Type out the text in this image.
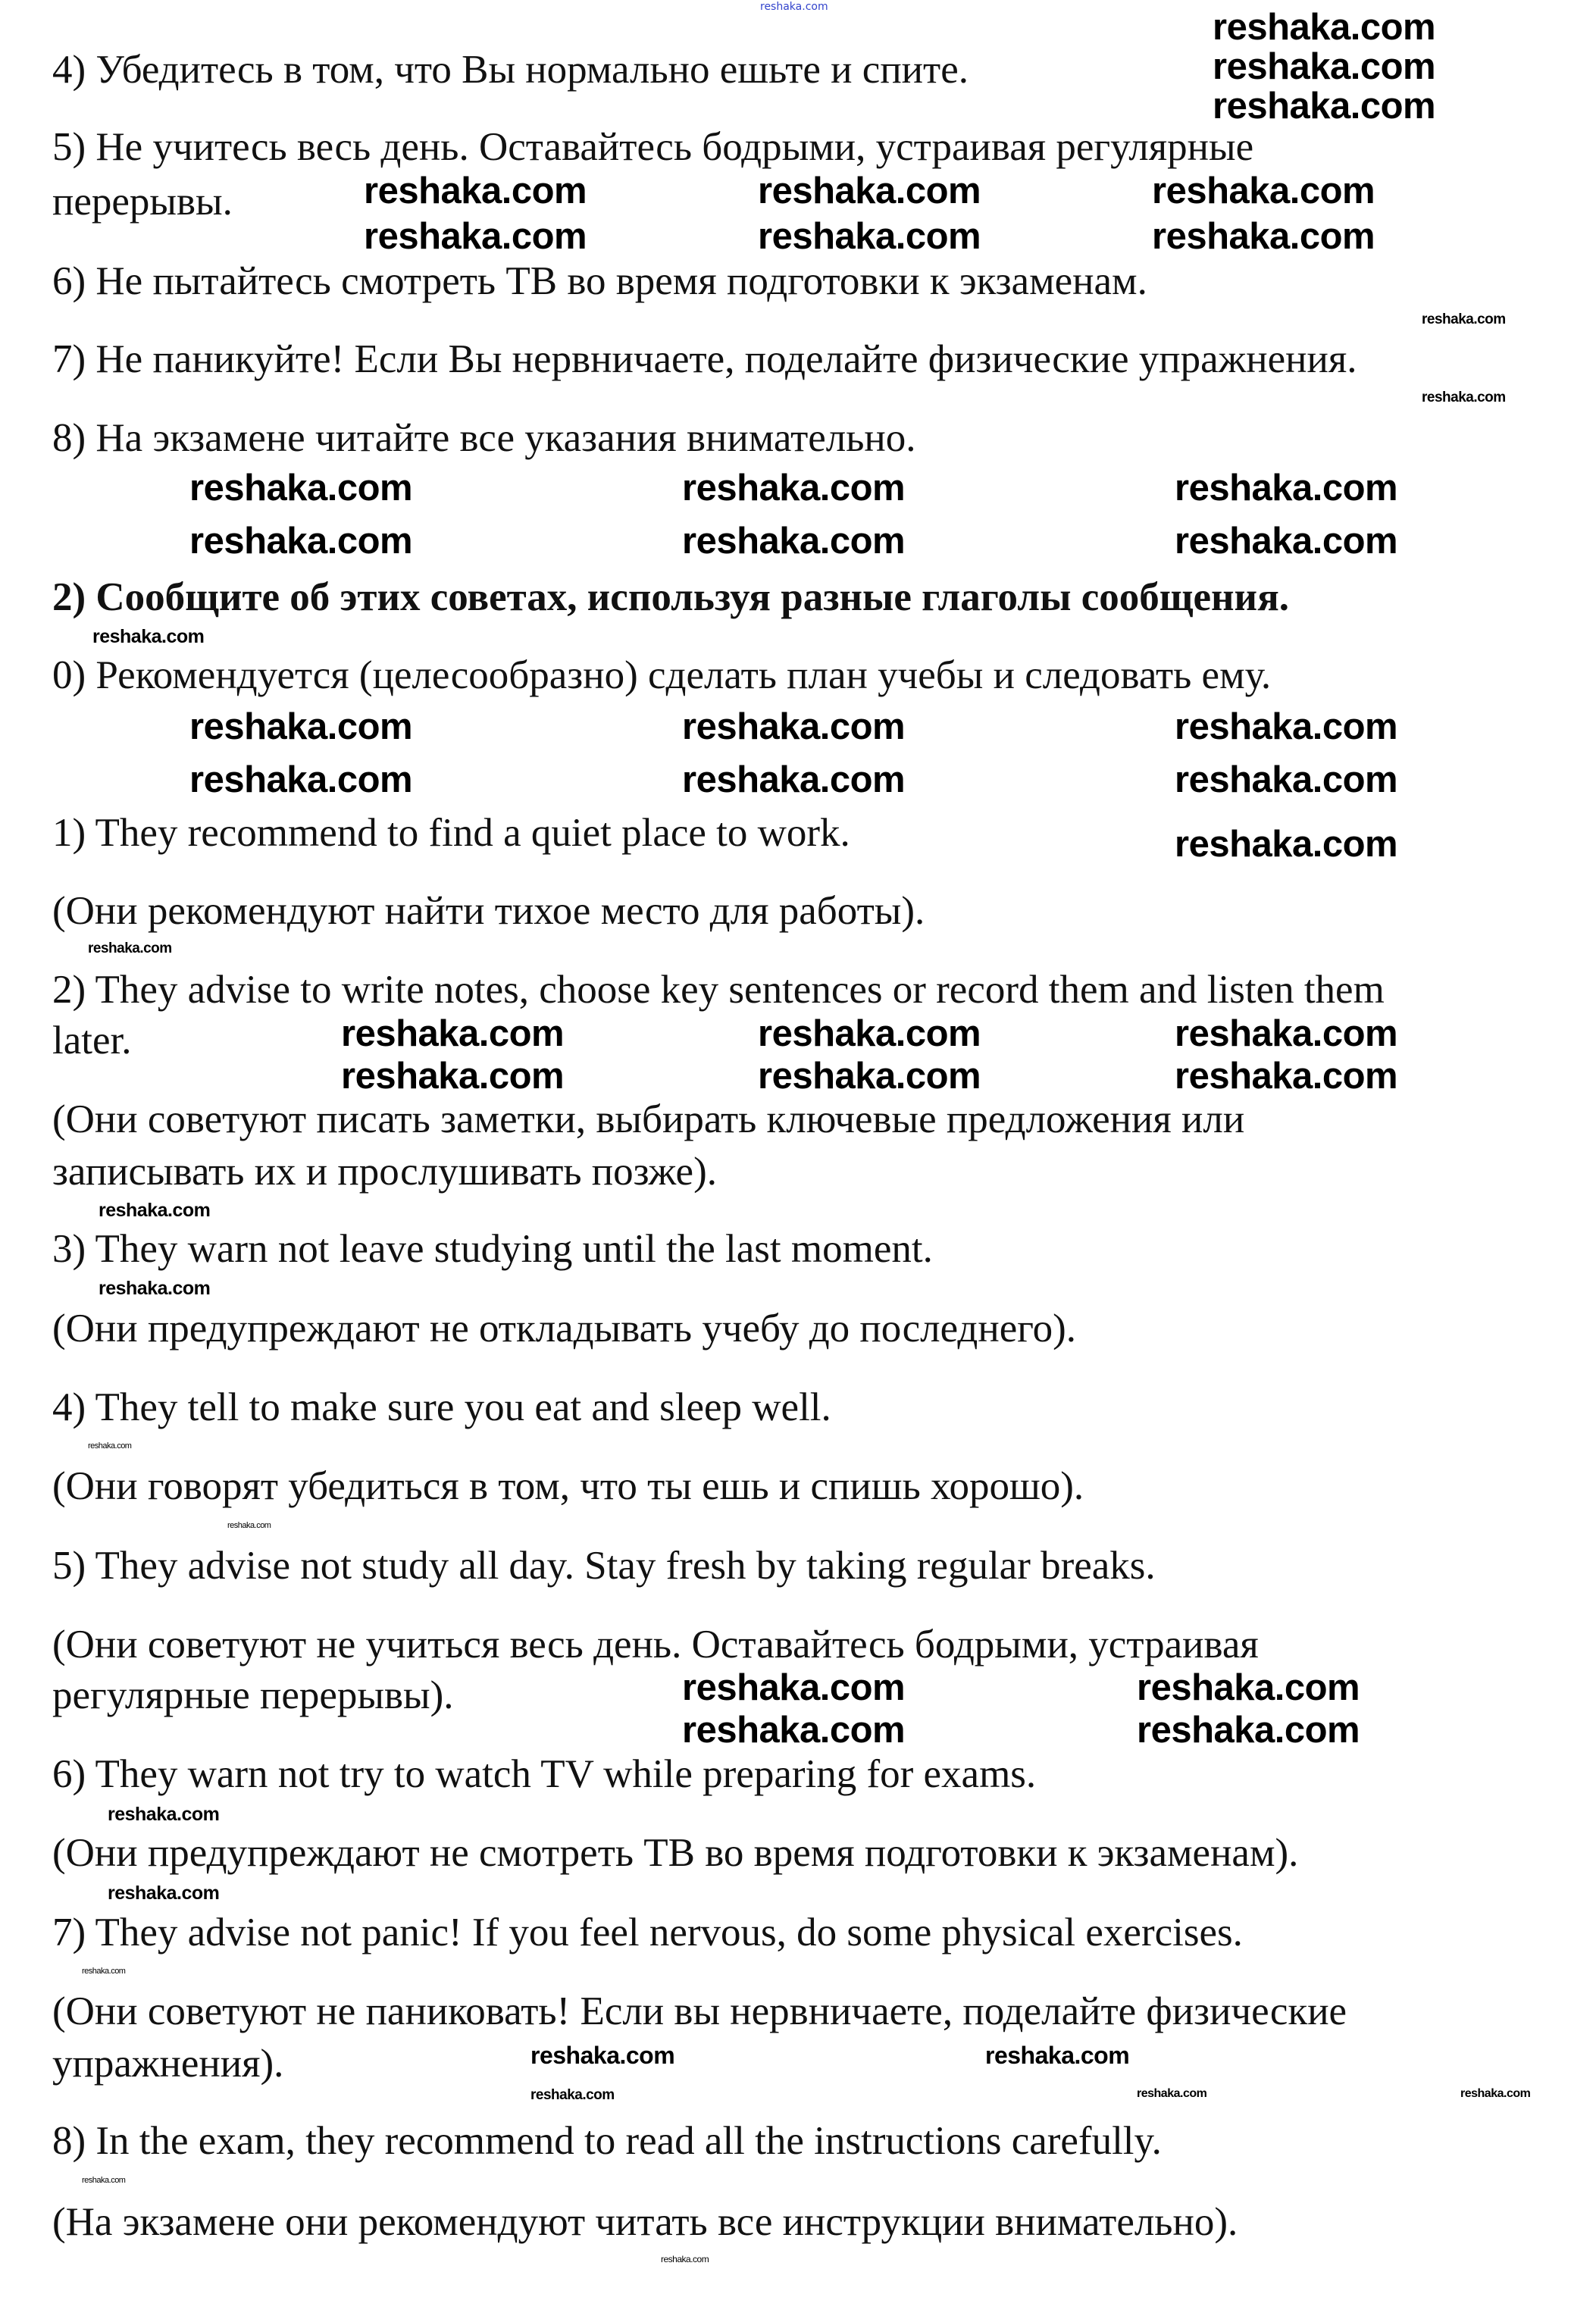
reshaka.com
4) Убедитесь в том, что Вы нормально ешьте и спите.
5) Не учитесь весь день. Оставайтесь бодрыми, устраивая регулярные
перерывы.
6) Не пытайтесь смотреть ТВ во время подготовки к экзаменам.
7) Не паникуйте! Если Вы нервничаете, поделайте физические упражнения.
8) На экзамене читайте все указания внимательно.
2) Сообщите об этих советах, используя разные глаголы сообщения.
0) Рекомендуется (целесообразно) сделать план учебы и следовать ему.
1) They recommend to find a quiet place to work.
(Они рекомендуют найти тихое место для работы).
2) They advise to write notes, choose key sentences or record them and listen them
later.
(Они советуют писать заметки, выбирать ключевые предложения или
записывать их и прослушивать позже).
3) They warn not leave studying until the last moment.
(Они предупреждают не откладывать учебу до последнего).
4) They tell to make sure you eat and sleep well.
(Они говорят убедиться в том, что ты ешь и спишь хорошо).
5) They advise not study all day. Stay fresh by taking regular breaks.
(Они советуют не учиться весь день. Оставайтесь бодрыми, устраивая
регулярные перерывы).
6) They warn not try to watch TV while preparing for exams.
(Они предупреждают не смотреть ТВ во время подготовки к экзаменам).
7) They advise not panic! If you feel nervous, do some physical exercises.
(Они советуют не паниковать! Если вы нервничаете, поделайте физические
упражнения).
8) In the exam, they recommend to read all the instructions carefully.
(На экзамене они рекомендуют читать все инструкции внимательно).
reshaka.com
reshaka.com
reshaka.com
reshaka.com	reshaka.com	reshaka.com
reshaka.com	reshaka.com	reshaka.com
reshaka.com	reshaka.com	reshaka.com
reshaka.com	reshaka.com	reshaka.com
reshaka.com	reshaka.com	reshaka.com
reshaka.com	reshaka.com	reshaka.com
reshaka.com
reshaka.com	reshaka.com	reshaka.com
reshaka.com	reshaka.com	reshaka.com
reshaka.com	reshaka.com
reshaka.com	reshaka.com
reshaka.com	reshaka.com
reshaka.com
reshaka.com
reshaka.com
reshaka.com
reshaka.com
reshaka.com
reshaka.com
reshaka.com
reshaka.com
reshaka.com
reshaka.com
reshaka.com
reshaka.com
reshaka.com
reshaka.com
reshaka.com
